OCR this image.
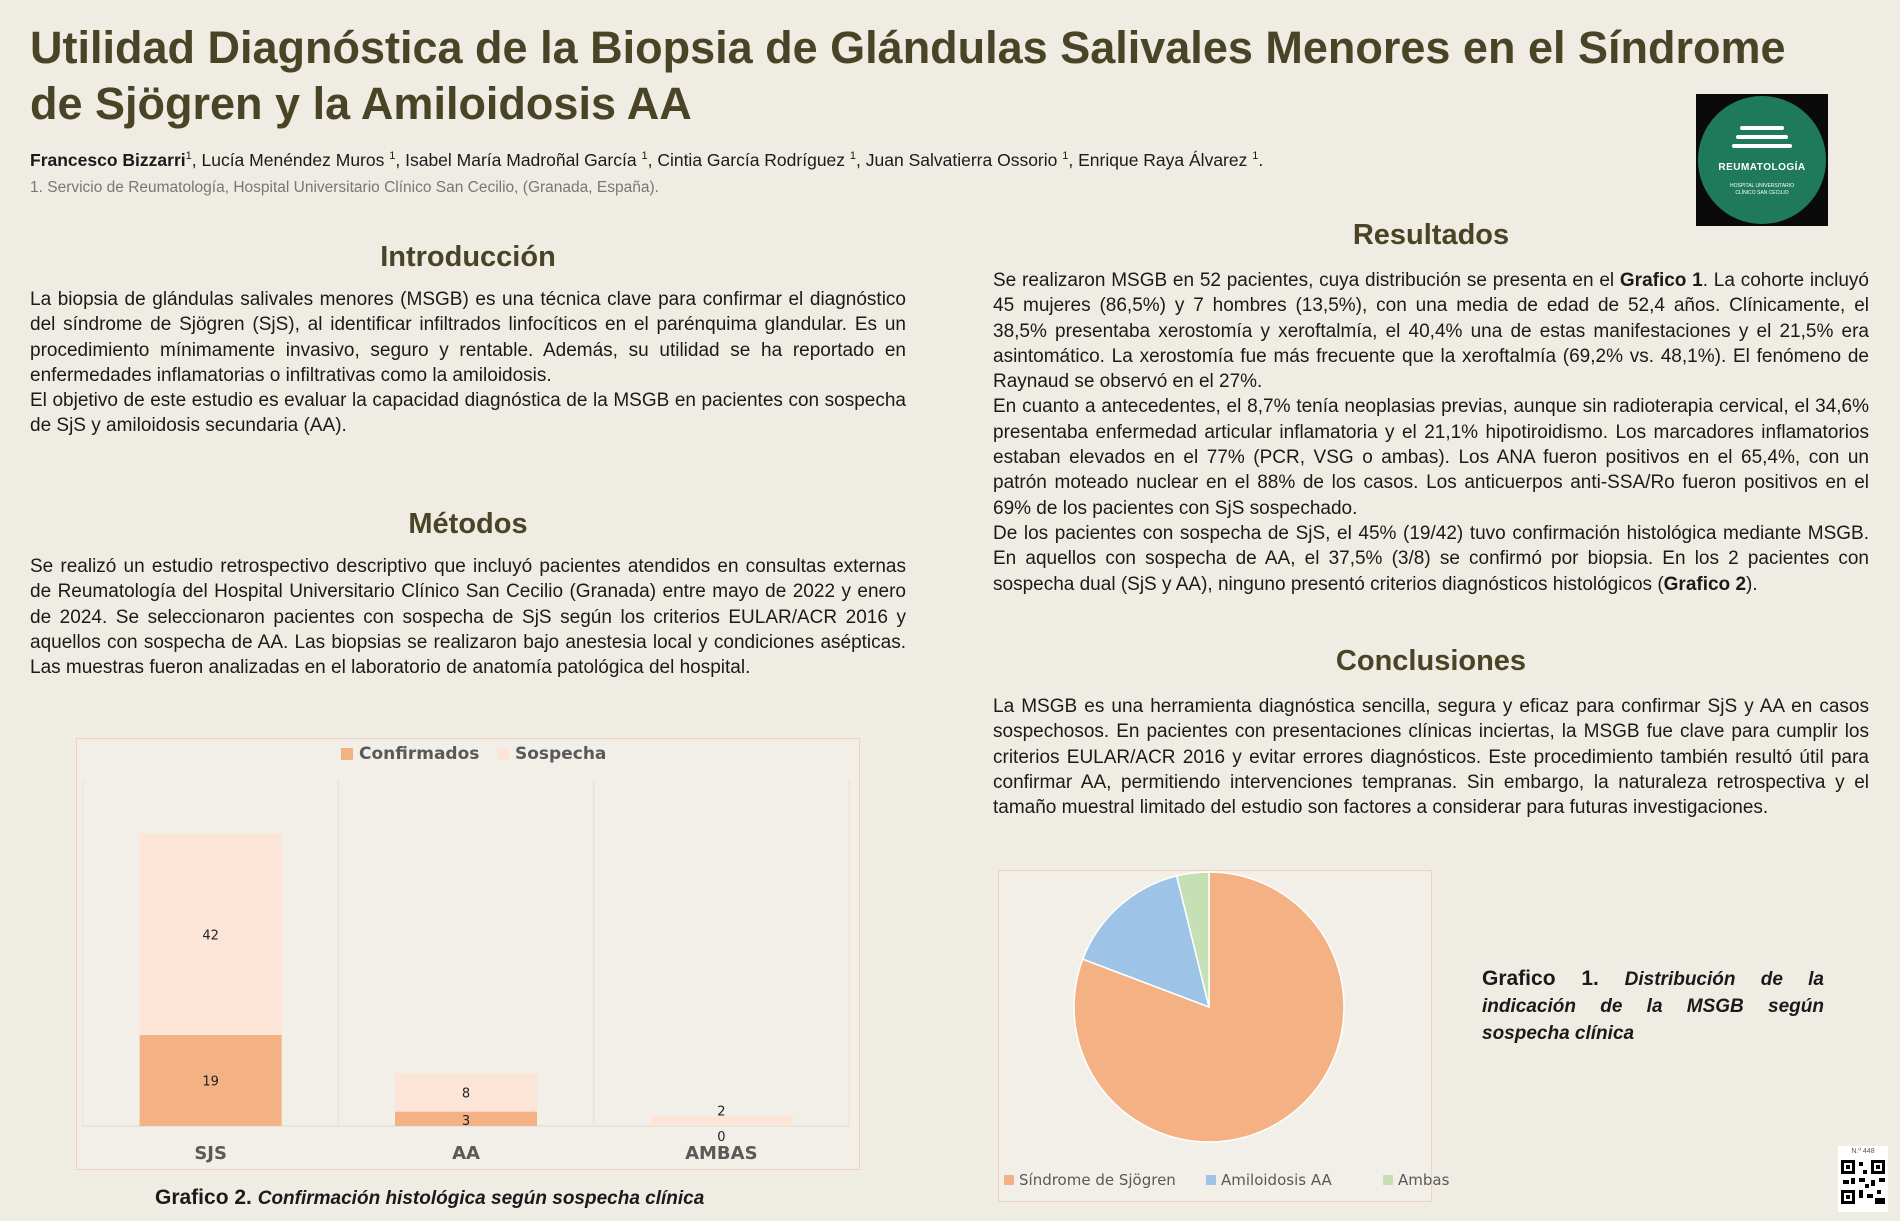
Utilidad Diagnóstica de la Biopsia de Glándulas Salivales Menores en el Síndrome de Sjögren y la Amiloidosis AA
Francesco Bizzarri$^1$, Lucía Menéndez Muros $^1$, Isabel María Madroñal García $^1$, Cintia García Rodríguez $^1$, Juan Salvatierra Ossorio $^1$, Enrique Raya Álvarez $^1$.
1. Servicio de Reumatología, Hospital Universitario Clínico San Cecilio, (Granada, España).
REUMATOLOGÍA
HOSPITAL UNIVERSITARIO
CLÍNICO SAN CECILIO
Introducción

La biopsia de glándulas salivales menores (MSGB) es una técnica clave para confirmar el diagnóstico del síndrome de Sjögren (SjS), al identificar infiltrados linfocíticos en el parénquima glandular. Es un procedimiento mínimamente invasivo, seguro y rentable. Además, su utilidad se ha reportado en enfermedades inflamatorias o infiltrativas como la amiloidosis.

El objetivo de este estudio es evaluar la capacidad diagnóstica de la MSGB en pacientes con sospecha de SjS y amiloidosis secundaria (AA).

Métodos

Se realizó un estudio retrospectivo descriptivo que incluyó pacientes atendidos en consultas externas de Reumatología del Hospital Universitario Clínico San Cecilio (Granada) entre mayo de 2022 y enero de 2024. Se seleccionaron pacientes con sospecha de SjS según los criterios EULAR/ACR 2016 y aquellos con sospecha de AA. Las biopsias se realizaron bajo anestesia local y condiciones asépticas. Las muestras fueron analizadas en el laboratorio de anatomía patológica del hospital.

Confirmados	Sospecha
19
42
SJS
3
8
AA
0
2
AMBAS
Grafico 2. Confirmación histológica según sospecha clínica
Resultados

Se realizaron MSGB en 52 pacientes, cuya distribución se presenta en el Grafico 1. La cohorte incluyó 45 mujeres (86,5%) y 7 hombres (13,5%), con una media de edad de 52,4 años. Clínicamente, el 38,5% presentaba xerostomía y xeroftalmía, el 40,4% una de estas manifestaciones y el 21,5% era asintomático. La xerostomía fue más frecuente que la xeroftalmía (69,2% vs. 48,1%). El fenómeno de Raynaud se observó en el 27%.

En cuanto a antecedentes, el 8,7% tenía neoplasias previas, aunque sin radioterapia cervical, el 34,6% presentaba enfermedad articular inflamatoria y el 21,1% hipotiroidismo. Los marcadores inflamatorios estaban elevados en el 77% (PCR, VSG o ambas). Los ANA fueron positivos en el 65,4%, con un patrón moteado nuclear en el 88% de los casos. Los anticuerpos anti-SSA/Ro fueron positivos en el 69% de los pacientes con SjS sospechado.

De los pacientes con sospecha de SjS, el 45% (19/42) tuvo confirmación histológica mediante MSGB. En aquellos con sospecha de AA, el 37,5% (3/8) se confirmó por biopsia. En los 2 pacientes con sospecha dual (SjS y AA), ninguno presentó criterios diagnósticos histológicos (Grafico 2).

Conclusiones

La MSGB es una herramienta diagnóstica sencilla, segura y eficaz para confirmar SjS y AA en casos sospechosos. En pacientes con presentaciones clínicas inciertas, la MSGB fue clave para cumplir los criterios EULAR/ACR 2016 y evitar errores diagnósticos. Este procedimiento también resultó útil para confirmar AA, permitiendo intervenciones tempranas. Sin embargo, la naturaleza retrospectiva y el tamaño muestral limitado del estudio son factores a considerar para futuras investigaciones.

Síndrome de Sjögren	Amiloidosis AA	Ambas
Grafico 1. Distribución de la indicación de la MSGB según sospecha clínica
N.º 448
